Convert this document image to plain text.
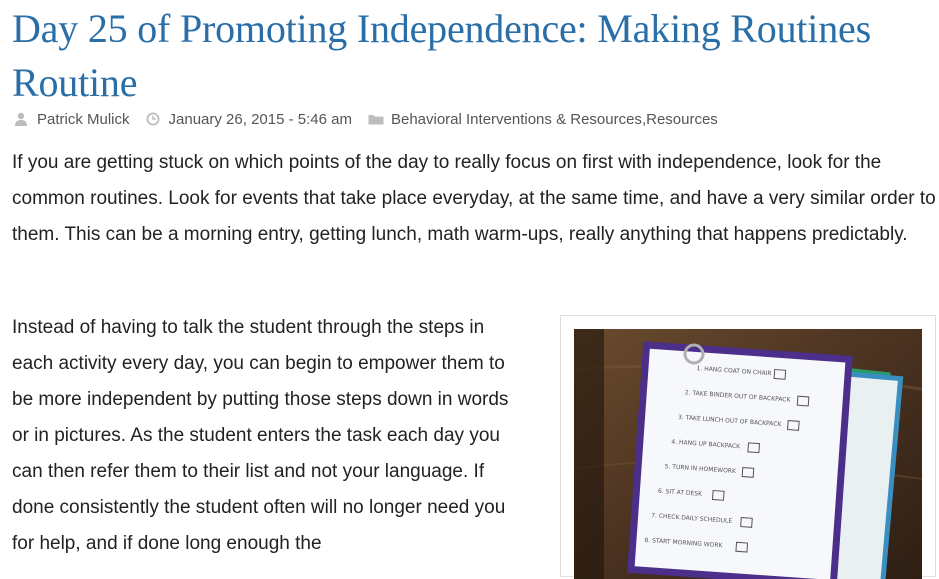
Day 25 of Promoting Independence: Making Routines Routine
Patrick Mulick	January 26, 2015 - 5:46 am	Behavioral Interventions & Resources , Resources

If you are getting stuck on which points of the day to really focus on first with independence, look for the common routines. Look for events that take place everyday, at the same time, and have a very similar order to them. This can be a morning entry, getting lunch, math warm-ups, really anything that happens predictably.

Instead of having to talk the student through the steps in each activity every day, you can begin to empower them to be more independent by putting those steps down in words or in pictures. As the student enters the task each day you can then refer them to their list and not your language. If done consistently the student often will no longer need you for help, and if done long enough the

1. HANG COAT ON CHAIR
2. TAKE BINDER OUT OF BACKPACK
3. TAKE LUNCH OUT OF BACKPACK
4. HANG UP BACKPACK
5. TURN IN HOMEWORK
6. SIT AT DESK
7. CHECK DAILY SCHEDULE
8. START MORNING WORK
